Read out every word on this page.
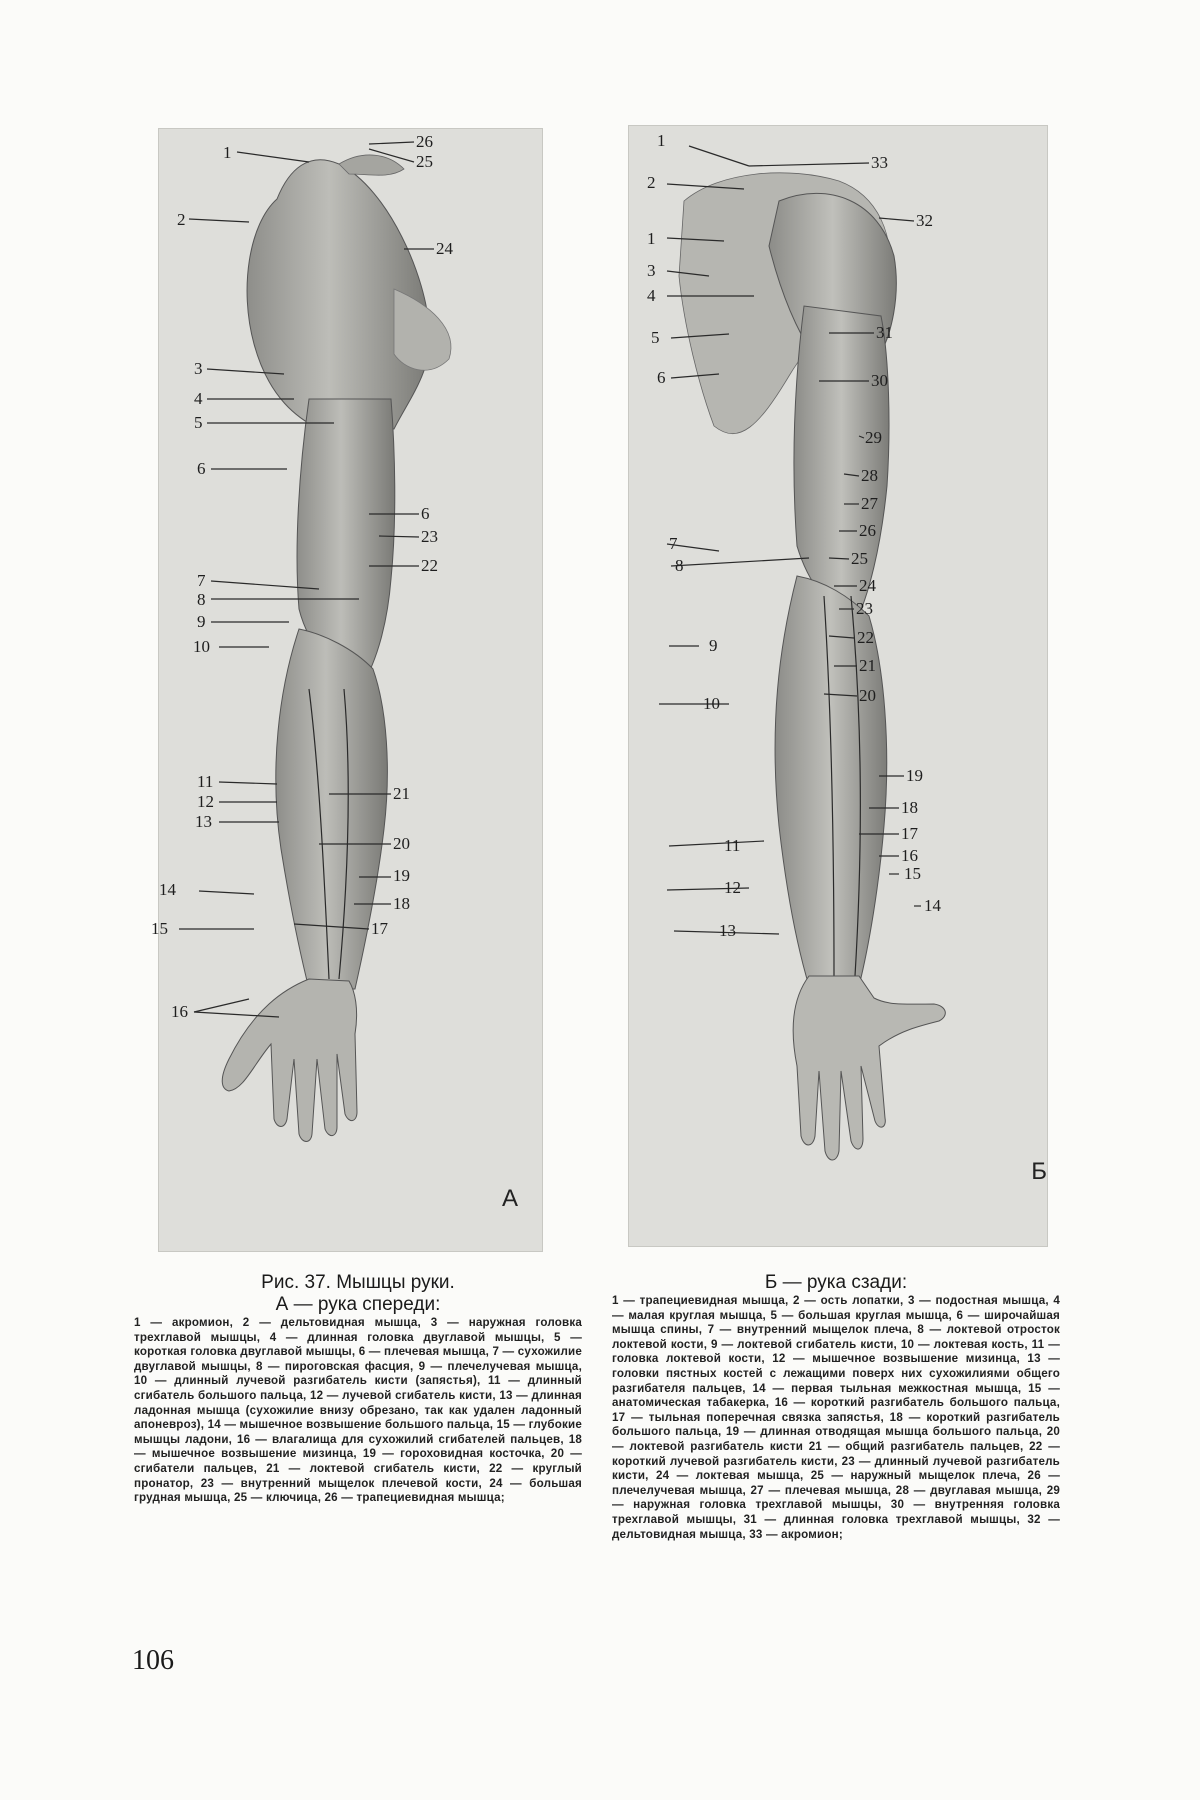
1
2
3
4
5
6
6
7
8
9
10
11
12
13
14
15
16
17
18
19
20
21
22
23
24
25
26
А
1
1
2
3
4
5
6
7
8
9
10
11
12
13
14
15
16
17
18
19
20
21
22
23
24
25
26
27
28
29
30
31
32
33
Б
Рис. 37. Мышцы руки.
А — рука спереди:
1 — акромион, 2 — дельтовидная мышца, 3 — наружная головка трехглавой мышцы, 4 — длинная головка двуглавой мышцы, 5 — короткая головка двуглавой мышцы, 6 — плечевая мышца, 7 — сухожилие двуглавой мышцы, 8 — пироговская фасция, 9 — плечелучевая мышца, 10 — длинный лучевой разгибатель кисти (запястья), 11 — длинный сгибатель большого пальца, 12 — лучевой сгибатель кисти, 13 — длинная ладонная мышца (сухожилие внизу обрезано, так как удален ладонный апоневроз), 14 — мышечное возвышение большого пальца, 15 — глубокие мышцы ладони, 16 — влагалища для сухожилий сгибателей пальцев, 18 — мышечное возвышение мизинца, 19 — гороховидная косточка, 20 — сгибатели пальцев, 21 — локтевой сгибатель кисти, 22 — круглый пронатор, 23 — внутренний мыщелок плечевой кости, 24 — большая грудная мышца, 25 — ключица, 26 — трапециевидная мышца;
Б — рука сзади:
1 — трапециевидная мышца, 2 — ость лопатки, 3 — подостная мышца, 4 — малая круглая мышца, 5 — большая круглая мышца, 6 — широчайшая мышца спины, 7 — внутренний мыщелок плеча, 8 — локтевой отросток локтевой кости, 9 — локтевой сгибатель кисти, 10 — локтевая кость, 11 — головка локтевой кости, 12 — мышечное возвышение мизинца, 13 — головки пястных костей с лежащими поверх них сухожилиями общего разгибателя пальцев, 14 — первая тыльная межкостная мышца, 15 — анатомическая табакерка, 16 — короткий разгибатель большого пальца, 17 — тыльная поперечная связка запястья, 18 — короткий разгибатель большого пальца, 19 — длинная отводящая мышца большого пальца, 20 — локтевой разгибатель кисти 21 — общий разгибатель пальцев, 22 — короткий лучевой разгибатель кисти, 23 — длинный лучевой разгибатель кисти, 24 — локтевая мышца, 25 — наружный мыщелок плеча, 26 — плечелучевая мышца, 27 — плечевая мышца, 28 — двуглавая мышца, 29 — наружная головка трехглавой мышцы, 30 — внутренняя головка трехглавой мышцы, 31 — длинная головка трехглавой мышцы, 32 — дельтовидная мышца, 33 — акромион;
106
